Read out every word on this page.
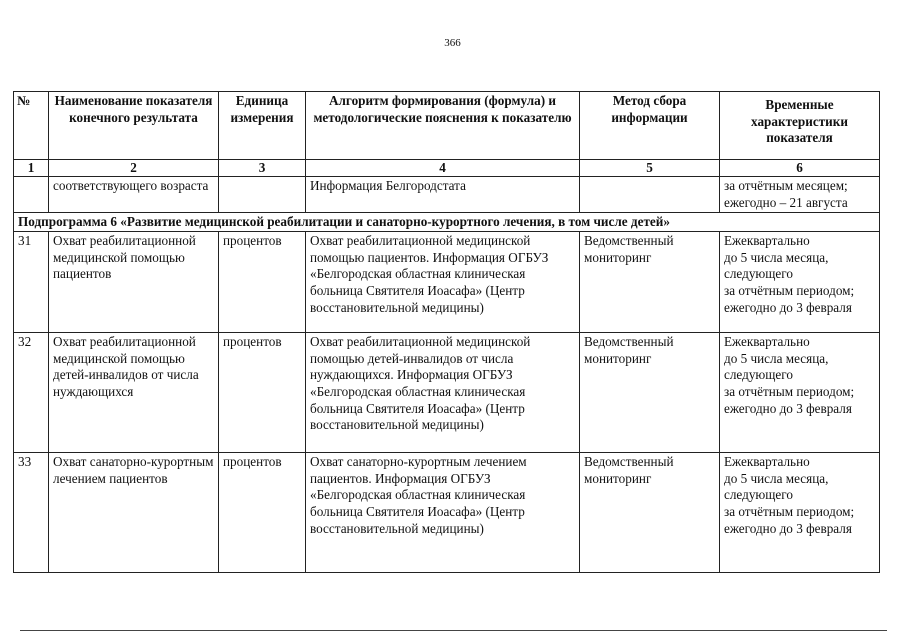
366
№	Наименование показателя конечного результата	Единица измерения	Алгоритм формирования (формула) и методологические пояснения к показателю	Метод сбора информации	Временные характеристики показателя
1	2	3	4	5	6
	соответствующего возраста		Информация Белгородстата		за отчётным месяцем; ежегодно – 21 августа
Подпрограмма 6 «Развитие медицинской реабилитации и санаторно-курортного лечения, в том числе детей»					
31	Охват реабилитационной медицинской помощью пациентов	процентов	Охват реабилитационной медицинской помощью пациентов. Информация ОГБУЗ «Белгородская областная клиническая больница Святителя Иоасафа» (Центр восстановительной медицины)	Ведомственный мониторинг	Ежеквартально
до 5 числа месяца, следующего
за отчётным периодом;
ежегодно до 3 февраля

32	Охват реабилитационной медицинской помощью детей-инвалидов от числа нуждающихся	процентов	Охват реабилитационной медицинской помощью детей-инвалидов от числа нуждающихся. Информация ОГБУЗ «Белгородская областная клиническая больница Святителя Иоасафа» (Центр восстановительной медицины)	Ведомственный мониторинг	Ежеквартально
до 5 числа месяца, следующего
за отчётным периодом;
ежегодно до 3 февраля

33	Охват санаторно-курортным лечением пациентов	процентов	Охват санаторно-курортным лечением пациентов. Информация ОГБУЗ «Белгородская областная клиническая больница Святителя Иоасафа» (Центр восстановительной медицины)	Ведомственный мониторинг	Ежеквартально
до 5 числа месяца, следующего
за отчётным периодом;
ежегодно до 3 февраля
